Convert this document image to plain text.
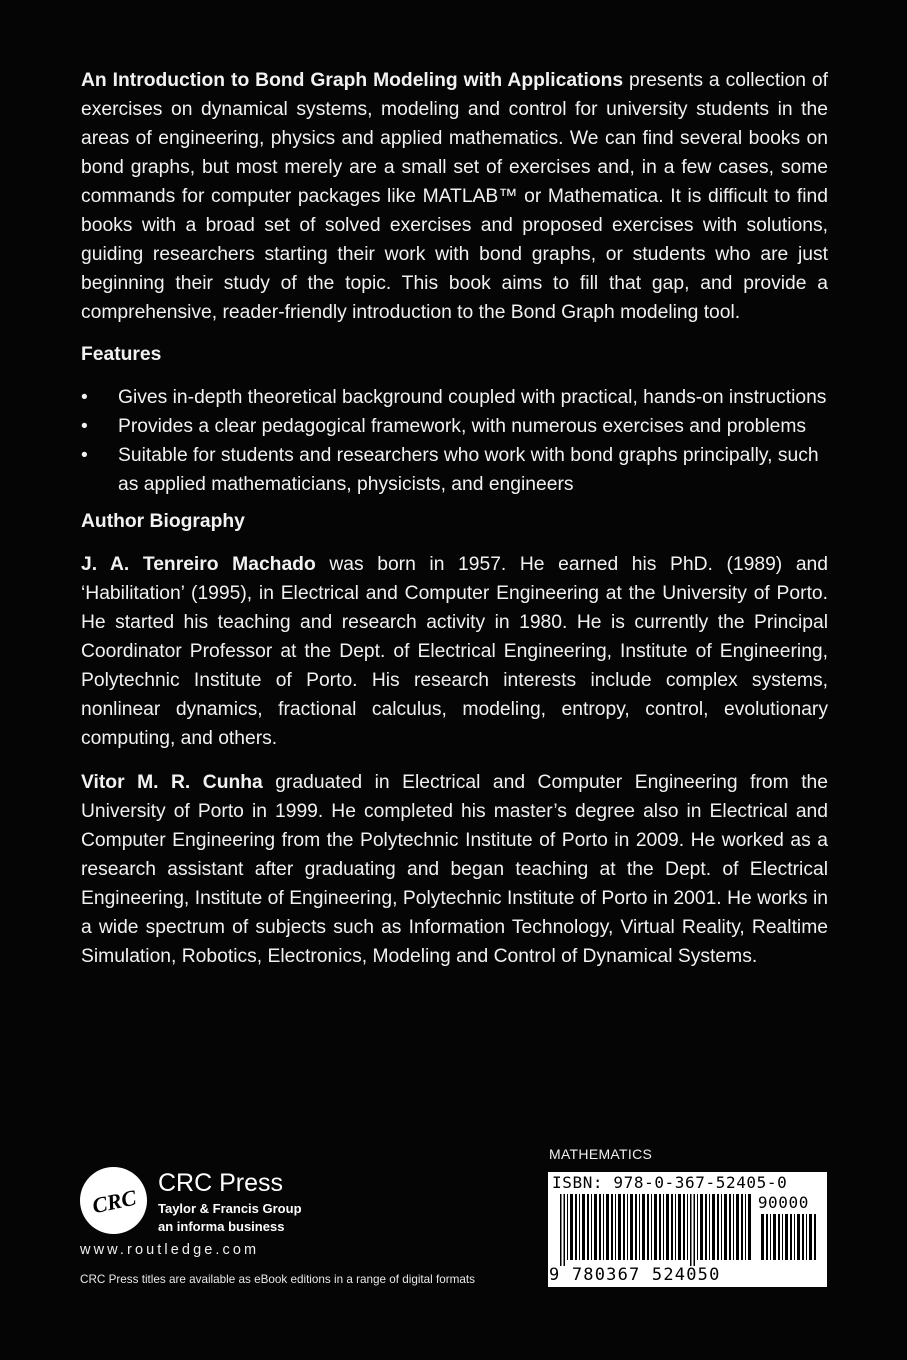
An Introduction to Bond Graph Modeling with Applications presents a collection of exercises on dynamical systems, modeling and control for university students in the areas of engineering, physics and applied mathematics. We can find several books on bond graphs, but most merely are a small set of exercises and, in a few cases, some commands for computer packages like MATLAB™ or Mathematica. It is difficult to find books with a broad set of solved exercises and proposed exercises with solutions, guiding researchers starting their work with bond graphs, or students who are just beginning their study of the topic. This book aims to fill that gap, and provide a comprehensive, reader-friendly introduction to the Bond Graph modeling tool.

Features

•	Gives in-depth theoretical background coupled with practical, hands-on instructions
•	Provides a clear pedagogical framework, with numerous exercises and problems
•	Suitable for students and researchers who work with bond graphs principally, such as applied mathematicians, physicists, and engineers

Author Biography

J. A. Tenreiro Machado was born in 1957. He earned his PhD. (1989) and ‘Habilitation’ (1995), in Electrical and Computer Engineering at the University of Porto. He started his teaching and research activity in 1980. He is currently the Principal Coordinator Professor at the Dept. of Electrical Engineering, Institute of Engineering, Polytechnic Institute of Porto. His research interests include complex systems, nonlinear dynamics, fractional calculus, modeling, entropy, control, evolutionary computing, and others.

Vitor M. R. Cunha graduated in Electrical and Computer Engineering from the University of Porto in 1999. He completed his master’s degree also in Electrical and Computer Engineering from the Polytechnic Institute of Porto in 2009. He worked as a research assistant after graduating and began teaching at the Dept. of Electrical Engineering, Institute of Engineering, Polytechnic Institute of Porto in 2001. He works in a wide spectrum of subjects such as Information Technology, Virtual Reality, Realtime Simulation, Robotics, Electronics, Modeling and Control of Dynamical Systems.

CRC
CRC Press
Taylor & Francis Group
an informa business
www.routledge.com
CRC Press titles are available as eBook editions in a range of digital formats
MATHEMATICS
ISBN: 978-0-367-52405-0
90000
9 780367 524050
